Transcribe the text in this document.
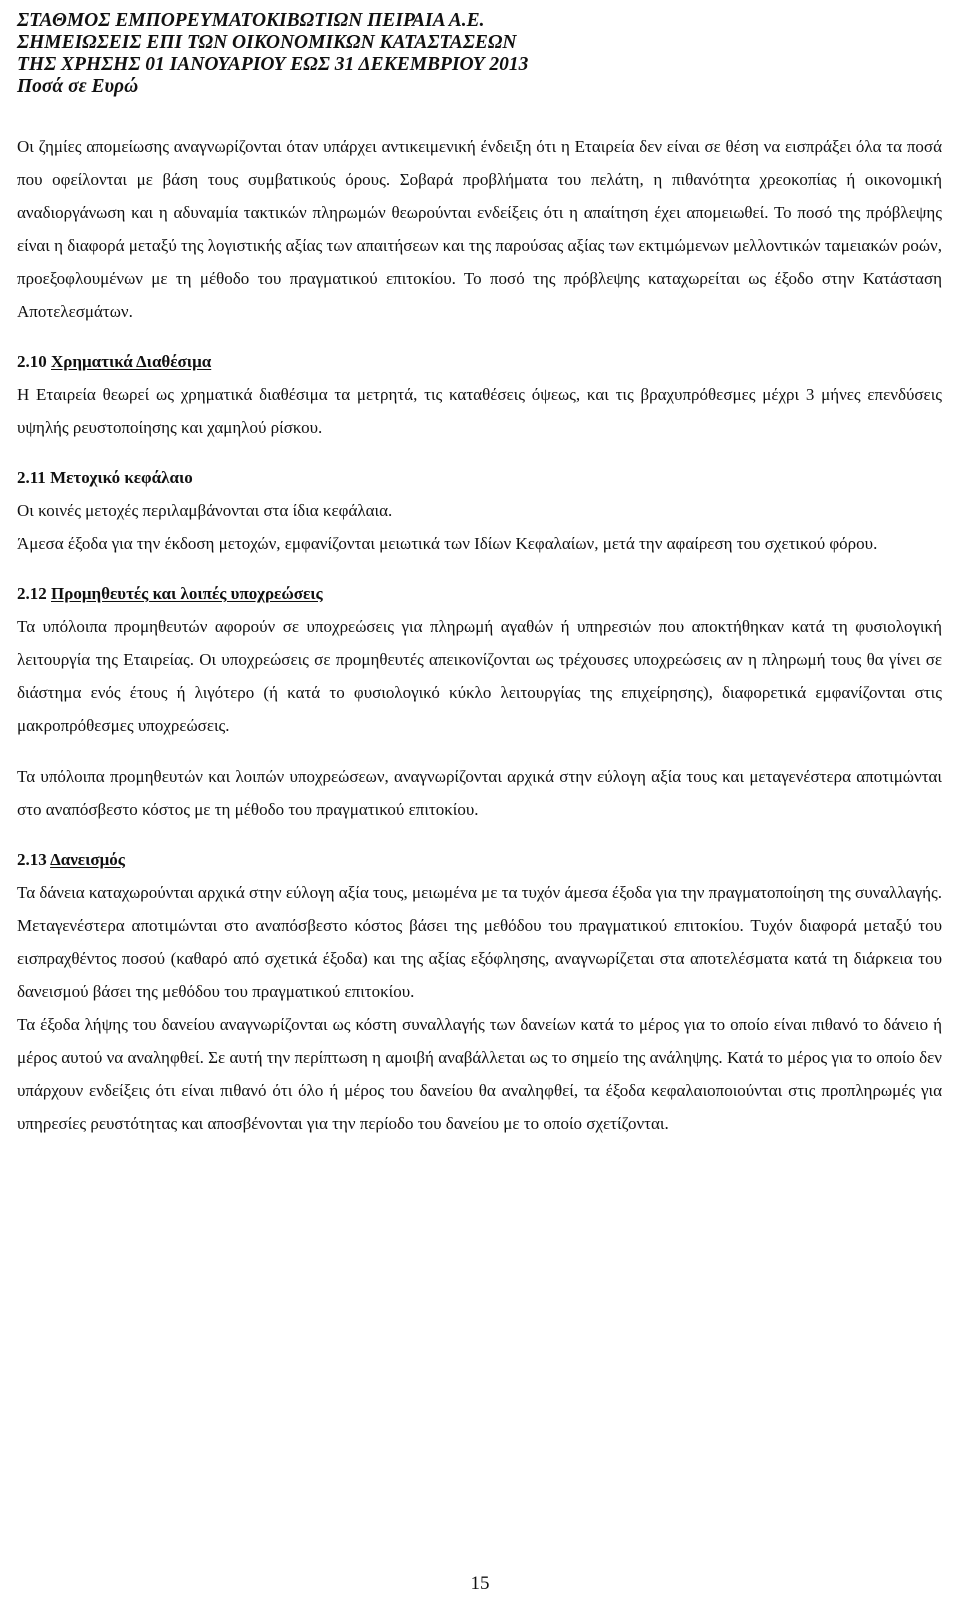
ΣΤΑΘΜΟΣ ΕΜΠΟΡΕΥΜΑΤΟΚΙΒΩΤΙΩΝ ΠΕΙΡΑΙΑ Α.Ε.
ΣΗΜΕΙΩΣΕΙΣ ΕΠΙ ΤΩΝ ΟΙΚΟΝΟΜΙΚΩΝ ΚΑΤΑΣΤΑΣΕΩΝ
ΤΗΣ ΧΡΗΣΗΣ 01 ΙΑΝΟΥΑΡΙΟΥ ΕΩΣ 31 ΔΕΚΕΜΒΡΙΟΥ 2013
Ποσά σε Ευρώ

Οι ζημίες απομείωσης αναγνωρίζονται όταν υπάρχει αντικειμενική ένδειξη ότι η Εταιρεία δεν είναι σε θέση να εισπράξει όλα τα ποσά που οφείλονται με βάση τους συμβατικούς όρους. Σοβαρά προβλήματα του πελάτη, η πιθανότητα χρεοκοπίας ή οικονομική αναδιοργάνωση και η αδυναμία τακτικών πληρωμών θεωρούνται ενδείξεις ότι η απαίτηση έχει απομειωθεί. Το ποσό της πρόβλεψης είναι η διαφορά μεταξύ της λογιστικής αξίας των απαιτήσεων και της παρούσας αξίας των εκτιμώμενων μελλοντικών ταμειακών ροών, προεξοφλουμένων με τη μέθοδο του πραγματικού επιτοκίου. Το ποσό της πρόβλεψης καταχωρείται ως έξοδο στην Κατάσταση Αποτελεσμάτων.

2.10 Χρηματικά Διαθέσιμα

Η Εταιρεία θεωρεί ως χρηματικά διαθέσιμα τα μετρητά, τις καταθέσεις όψεως, και τις βραχυπρόθεσμες μέχρι 3 μήνες επενδύσεις υψηλής ρευστοποίησης και χαμηλού ρίσκου.

2.11 Μετοχικό κεφάλαιο

Οι κοινές μετοχές περιλαμβάνονται στα ίδια κεφάλαια.

Άμεσα έξοδα για την έκδοση μετοχών, εμφανίζονται μειωτικά των Ιδίων Κεφαλαίων, μετά την αφαίρεση του σχετικού φόρου.

2.12 Προμηθευτές και λοιπές υποχρεώσεις

Τα υπόλοιπα προμηθευτών αφορούν σε υποχρεώσεις για πληρωμή αγαθών ή υπηρεσιών που αποκτήθηκαν κατά τη φυσιολογική λειτουργία της Εταιρείας. Οι υποχρεώσεις σε προμηθευτές απεικονίζονται ως τρέχουσες υποχρεώσεις αν η πληρωμή τους θα γίνει σε διάστημα ενός έτους ή λιγότερο (ή κατά το φυσιολογικό κύκλο λειτουργίας της επιχείρησης), διαφορετικά εμφανίζονται στις μακροπρόθεσμες υποχρεώσεις.

Τα υπόλοιπα προμηθευτών και λοιπών υποχρεώσεων, αναγνωρίζονται αρχικά στην εύλογη αξία τους και μεταγενέστερα αποτιμώνται στο αναπόσβεστο κόστος με τη μέθοδο του πραγματικού επιτοκίου.

2.13 Δανεισμός

Τα δάνεια καταχωρούνται αρχικά στην εύλογη αξία τους, μειωμένα με τα τυχόν άμεσα έξοδα για την πραγματοποίηση της συναλλαγής. Μεταγενέστερα αποτιμώνται στο αναπόσβεστο κόστος βάσει της μεθόδου του πραγματικού επιτοκίου. Τυχόν διαφορά μεταξύ του εισπραχθέντος ποσού (καθαρό από σχετικά έξοδα) και της αξίας εξόφλησης, αναγνωρίζεται στα αποτελέσματα κατά τη διάρκεια του δανεισμού βάσει της μεθόδου του πραγματικού επιτοκίου.

Τα έξοδα λήψης του δανείου αναγνωρίζονται ως κόστη συναλλαγής των δανείων κατά το μέρος για το οποίο είναι πιθανό το δάνειο ή μέρος αυτού να αναληφθεί. Σε αυτή την περίπτωση η αμοιβή αναβάλλεται ως το σημείο της ανάληψης. Κατά το μέρος για το οποίο δεν υπάρχουν ενδείξεις ότι είναι πιθανό ότι όλο ή μέρος του δανείου θα αναληφθεί, τα έξοδα κεφαλαιοποιούνται στις προπληρωμές για υπηρεσίες ρευστότητας και αποσβένονται για την περίοδο του δανείου με το οποίο σχετίζονται.

15
